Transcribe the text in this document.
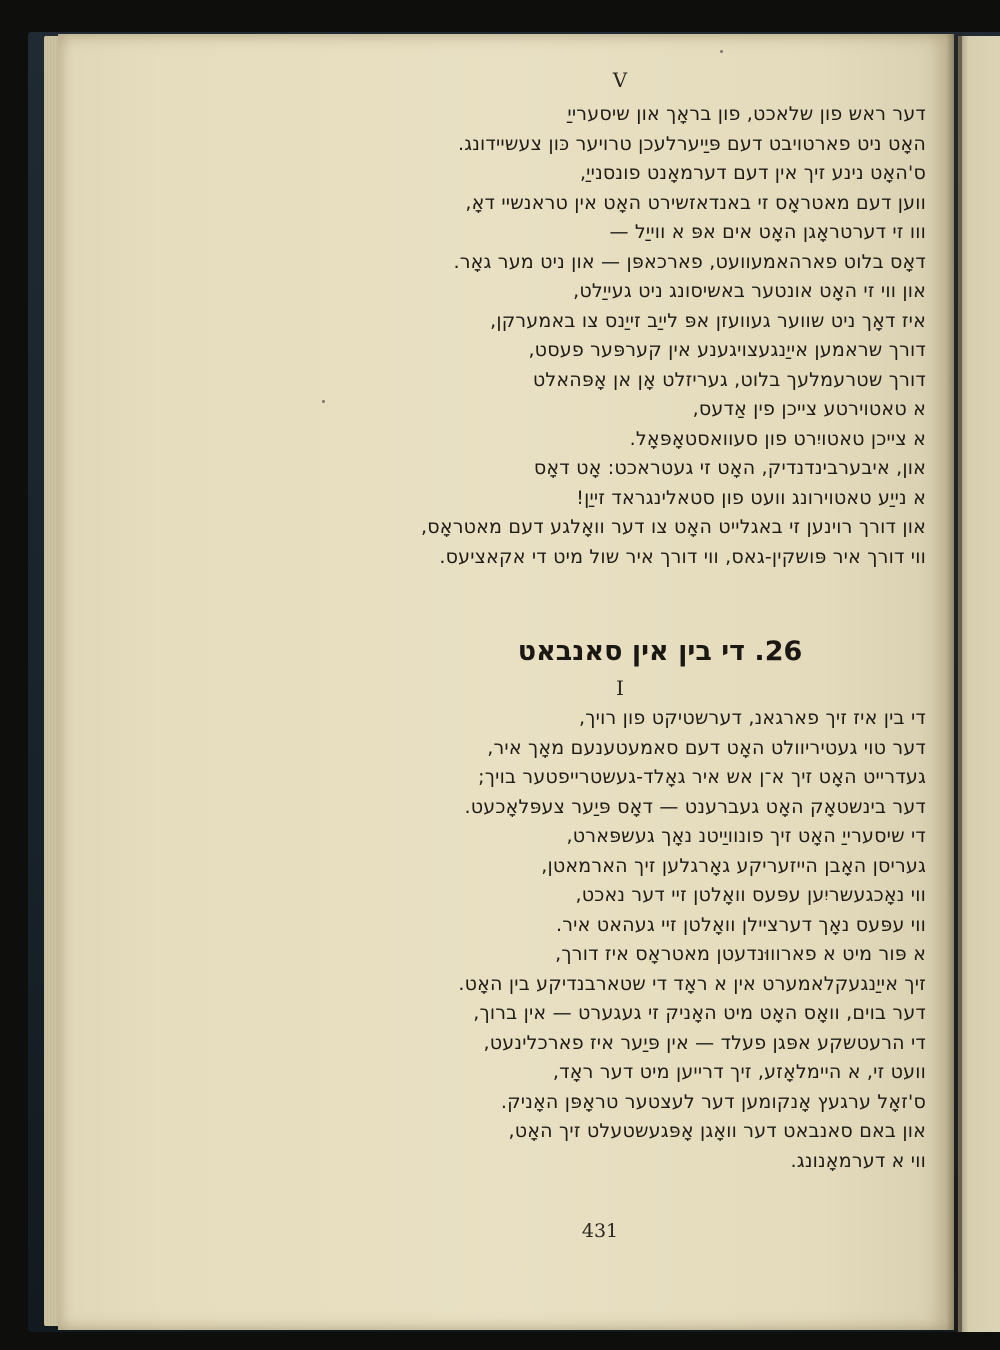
V
דער ראש פון שלאכט, פון בראָך און שיסערייַ
האָט ניט פארטויבט דעם פּיַיערלעכן טרויער כּון צעשיידונג.
ס'האָט נינע זיך אין דעם דערמאָנט פונסנייַ,
ווען דעם מאטראָס זי באנדאזשירט האָט אין טראנשיי דאָ,
ווו זי דערטראָגן האָט אים אפּ א ווייַל —
דאָס בלוט פארהאמעוועט, פארכאפּן — און ניט מער גאָר.
און ווי זי האָט אונטער באשיסונג ניט געייַלט,
איז דאָך ניט שווער געוועזן אפּ לייַב זייַנס צו באמערקן,
דורך שראמען אייַנגעצויגענע אין קערפּער פעסט,
דורך שטרעמלעך בלוט, געריזלט אָן אן אָפּהאלט
א טאטוירטע צייכן פין אַדעס,
א צייכן טאטויִרט פון סעוואסטאָפּאָל.
און, איבערבינדנדיק, האָט זי געטראכט: אָט דאָס
א נייַע טאטוירונג וועט פון סטאלינגראד זייַן!
און דורך רוינען זי באגלייט האָט צו דער וואָלגע דעם מאטראָס,
ווי דורך איר פּושקין-גאס, ווי דורך איר שול מיט די אקאציעס.
26. די בין אין סאנבאט
I
די בין איז זיך פארגאנ, דערשטיקט פון רויך,
דער טוי געטיריוולט האָט דעם סאמעטענעם מאָך איר,
געדרייט האָט זיך א־ן אש איר גאָלד-געשטרייפטער בויך;
דער בינשטאָק האָט געברענט — דאָס פּיַער צעפּלאָכעט.
די שיסערייַ האָט זיך פונוויַיטנ נאָך געשפּארט,
געריסן האָבן הייזעריקע גאָרגלען זיך הארמאטן,
ווי נאָכגעשריִען עפּעס וואָלטן זיי דער נאכט,
ווי עפּעס נאָך דערציילן וואָלטן זיי געהאט איר.
א פּור מיט א פארוווּנדעטן מאטראָס איז דורך,
זיך אייַנגעקלאמערט אין א ראָד די שטארבנדיקע בין האָט.
דער בוים, וואָס האָט מיט האָניק זי געגערט — אין ברוך,
די הרעטשקע אפּגן פעלד — אין פּיַער איז פארכלינעט,
וועט זי, א היימלאָזע, זיך דרייען מיט דער ראָד,
ס'זאָל ערגעץ אָנקומען דער לעצטער טראָפּן האָניק.
און באם סאנבאט דער וואָגן אָפּגעשטעלט זיך האָט,
ווי א דערמאָנונג.
431
